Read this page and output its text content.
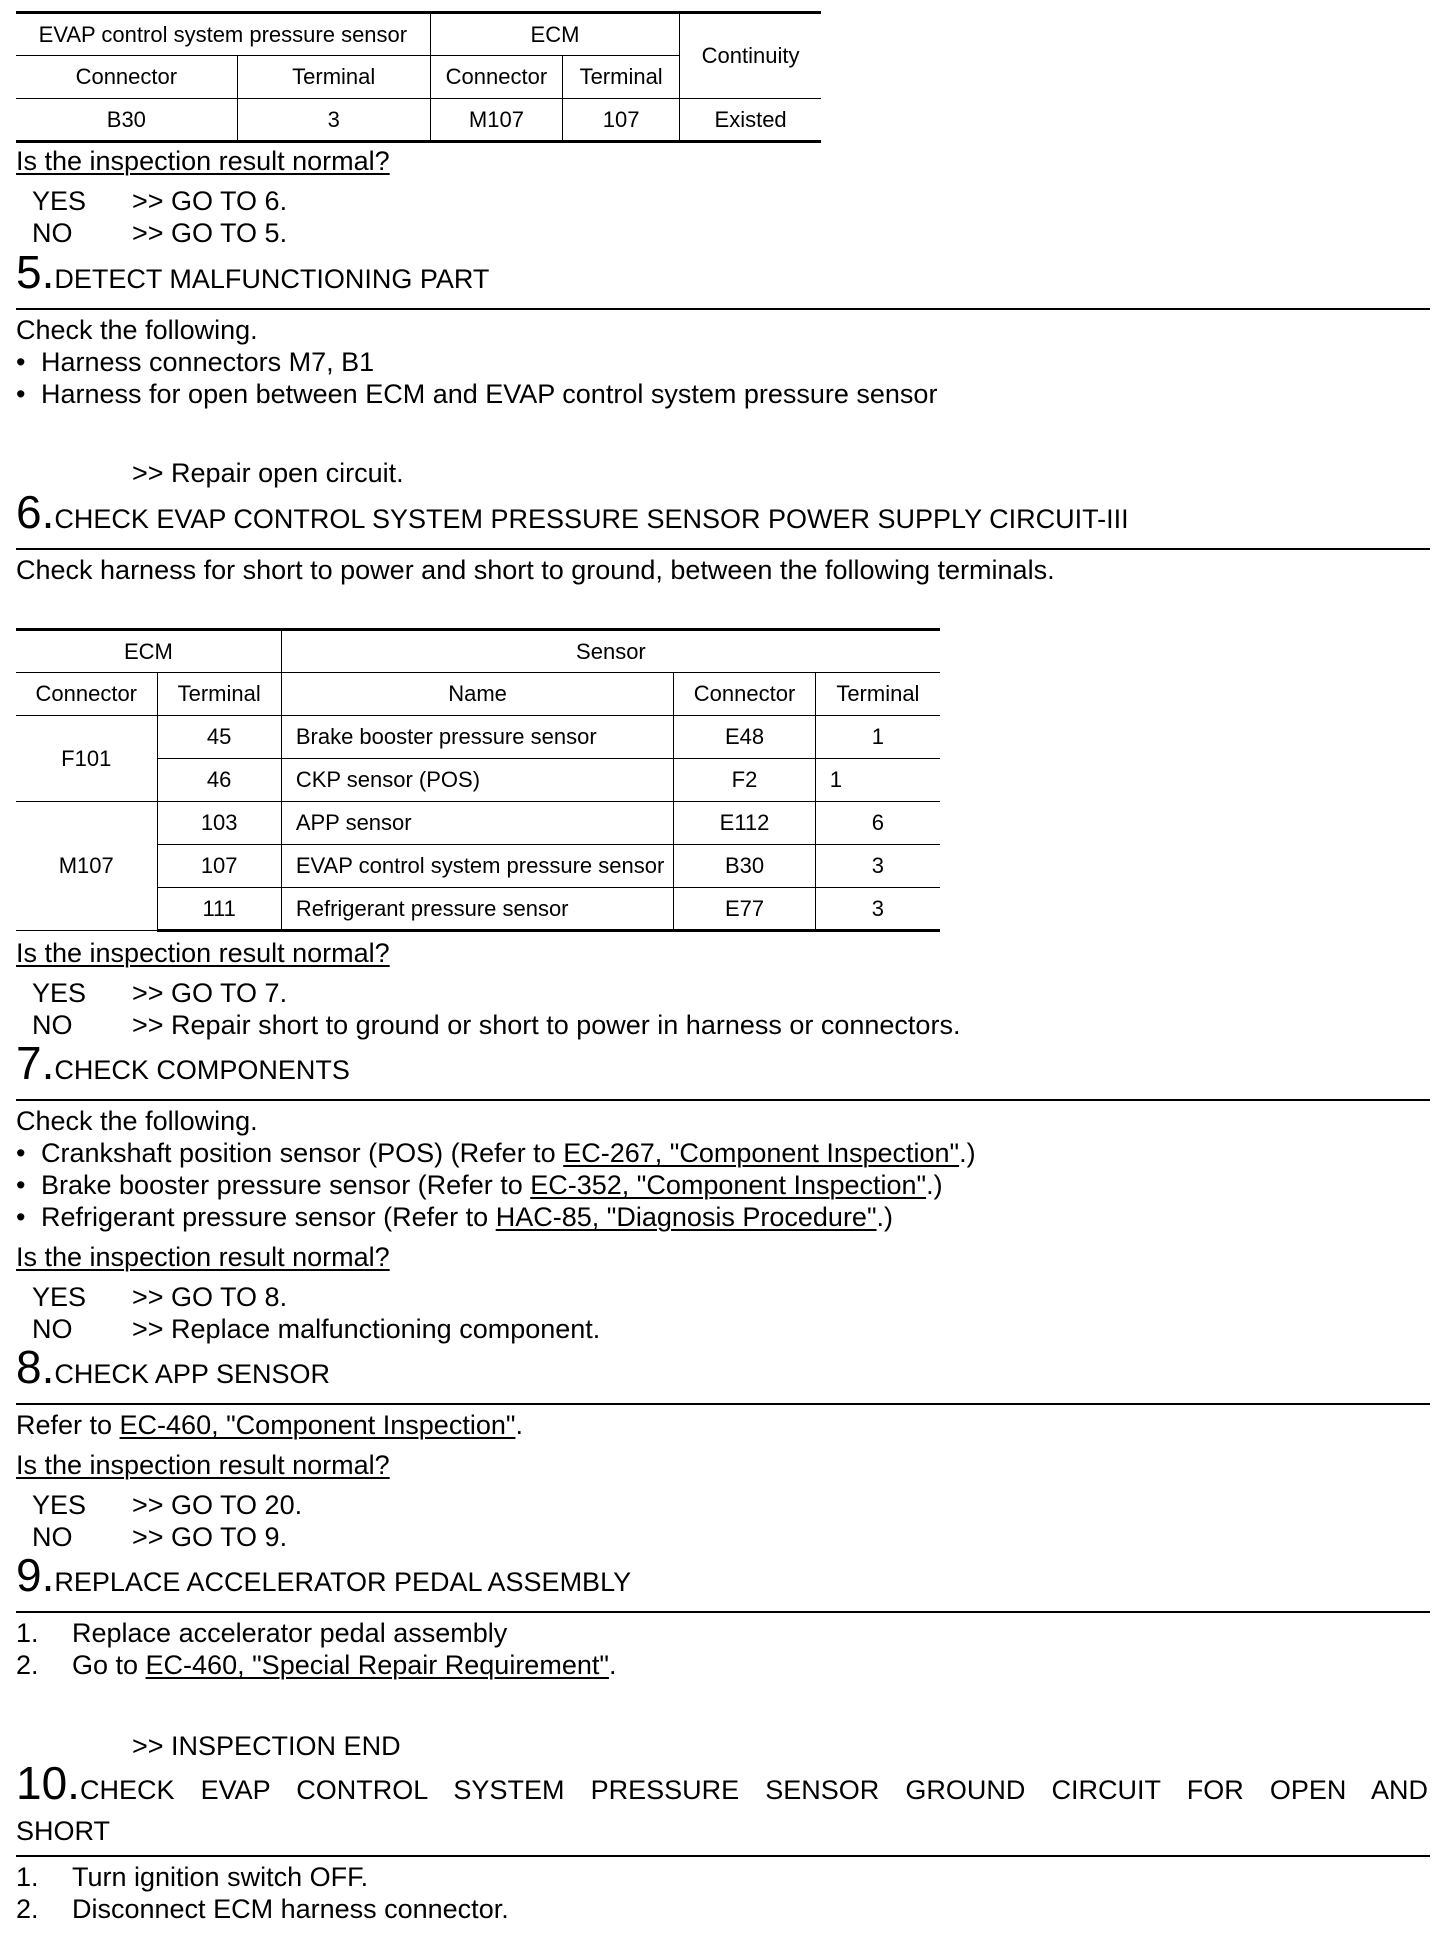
EVAP control system pressure sensor		ECM		Continuity
Connector	Terminal	Connector	Terminal	
B30	3	M107	107	Existed
Is the inspection result normal?
YES >> GO TO 6.
NO >> GO TO 5.
5.DETECT MALFUNCTIONING PART
Check the following.
• Harness connectors M7, B1
• Harness for open between ECM and EVAP control system pressure sensor
>> Repair open circuit.
6.CHECK EVAP CONTROL SYSTEM PRESSURE SENSOR POWER SUPPLY CIRCUIT-III
Check harness for short to power and short to ground, between the following terminals.
ECM		Sensor		
Connector	Terminal	Name	Connector	Terminal
F101	45	Brake booster pressure sensor	E48	1
	46	CKP sensor (POS)	F2	1
M107	103	APP sensor	E112	6
	107	EVAP control system pressure sensor	B30	3
	111	Refrigerant pressure sensor	E77	3
Is the inspection result normal?
YES >> GO TO 7.
NO >> Repair short to ground or short to power in harness or connectors.
7.CHECK COMPONENTS
Check the following.
• Crankshaft position sensor (POS) (Refer to EC-267, "Component Inspection".)
• Brake booster pressure sensor (Refer to EC-352, "Component Inspection".)
• Refrigerant pressure sensor (Refer to HAC-85, "Diagnosis Procedure".)
Is the inspection result normal?
YES >> GO TO 8.
NO >> Replace malfunctioning component.
8.CHECK APP SENSOR
Refer to EC-460, "Component Inspection".
Is the inspection result normal?
YES >> GO TO 20.
NO >> GO TO 9.
9.REPLACE ACCELERATOR PEDAL ASSEMBLY
1. Replace accelerator pedal assembly
2. Go to EC-460, "Special Repair Requirement".
>> INSPECTION END
10.CHECK EVAP CONTROL SYSTEM PRESSURE SENSOR GROUND CIRCUIT FOR OPEN AND
SHORT
1. Turn ignition switch OFF.
2. Disconnect ECM harness connector.
